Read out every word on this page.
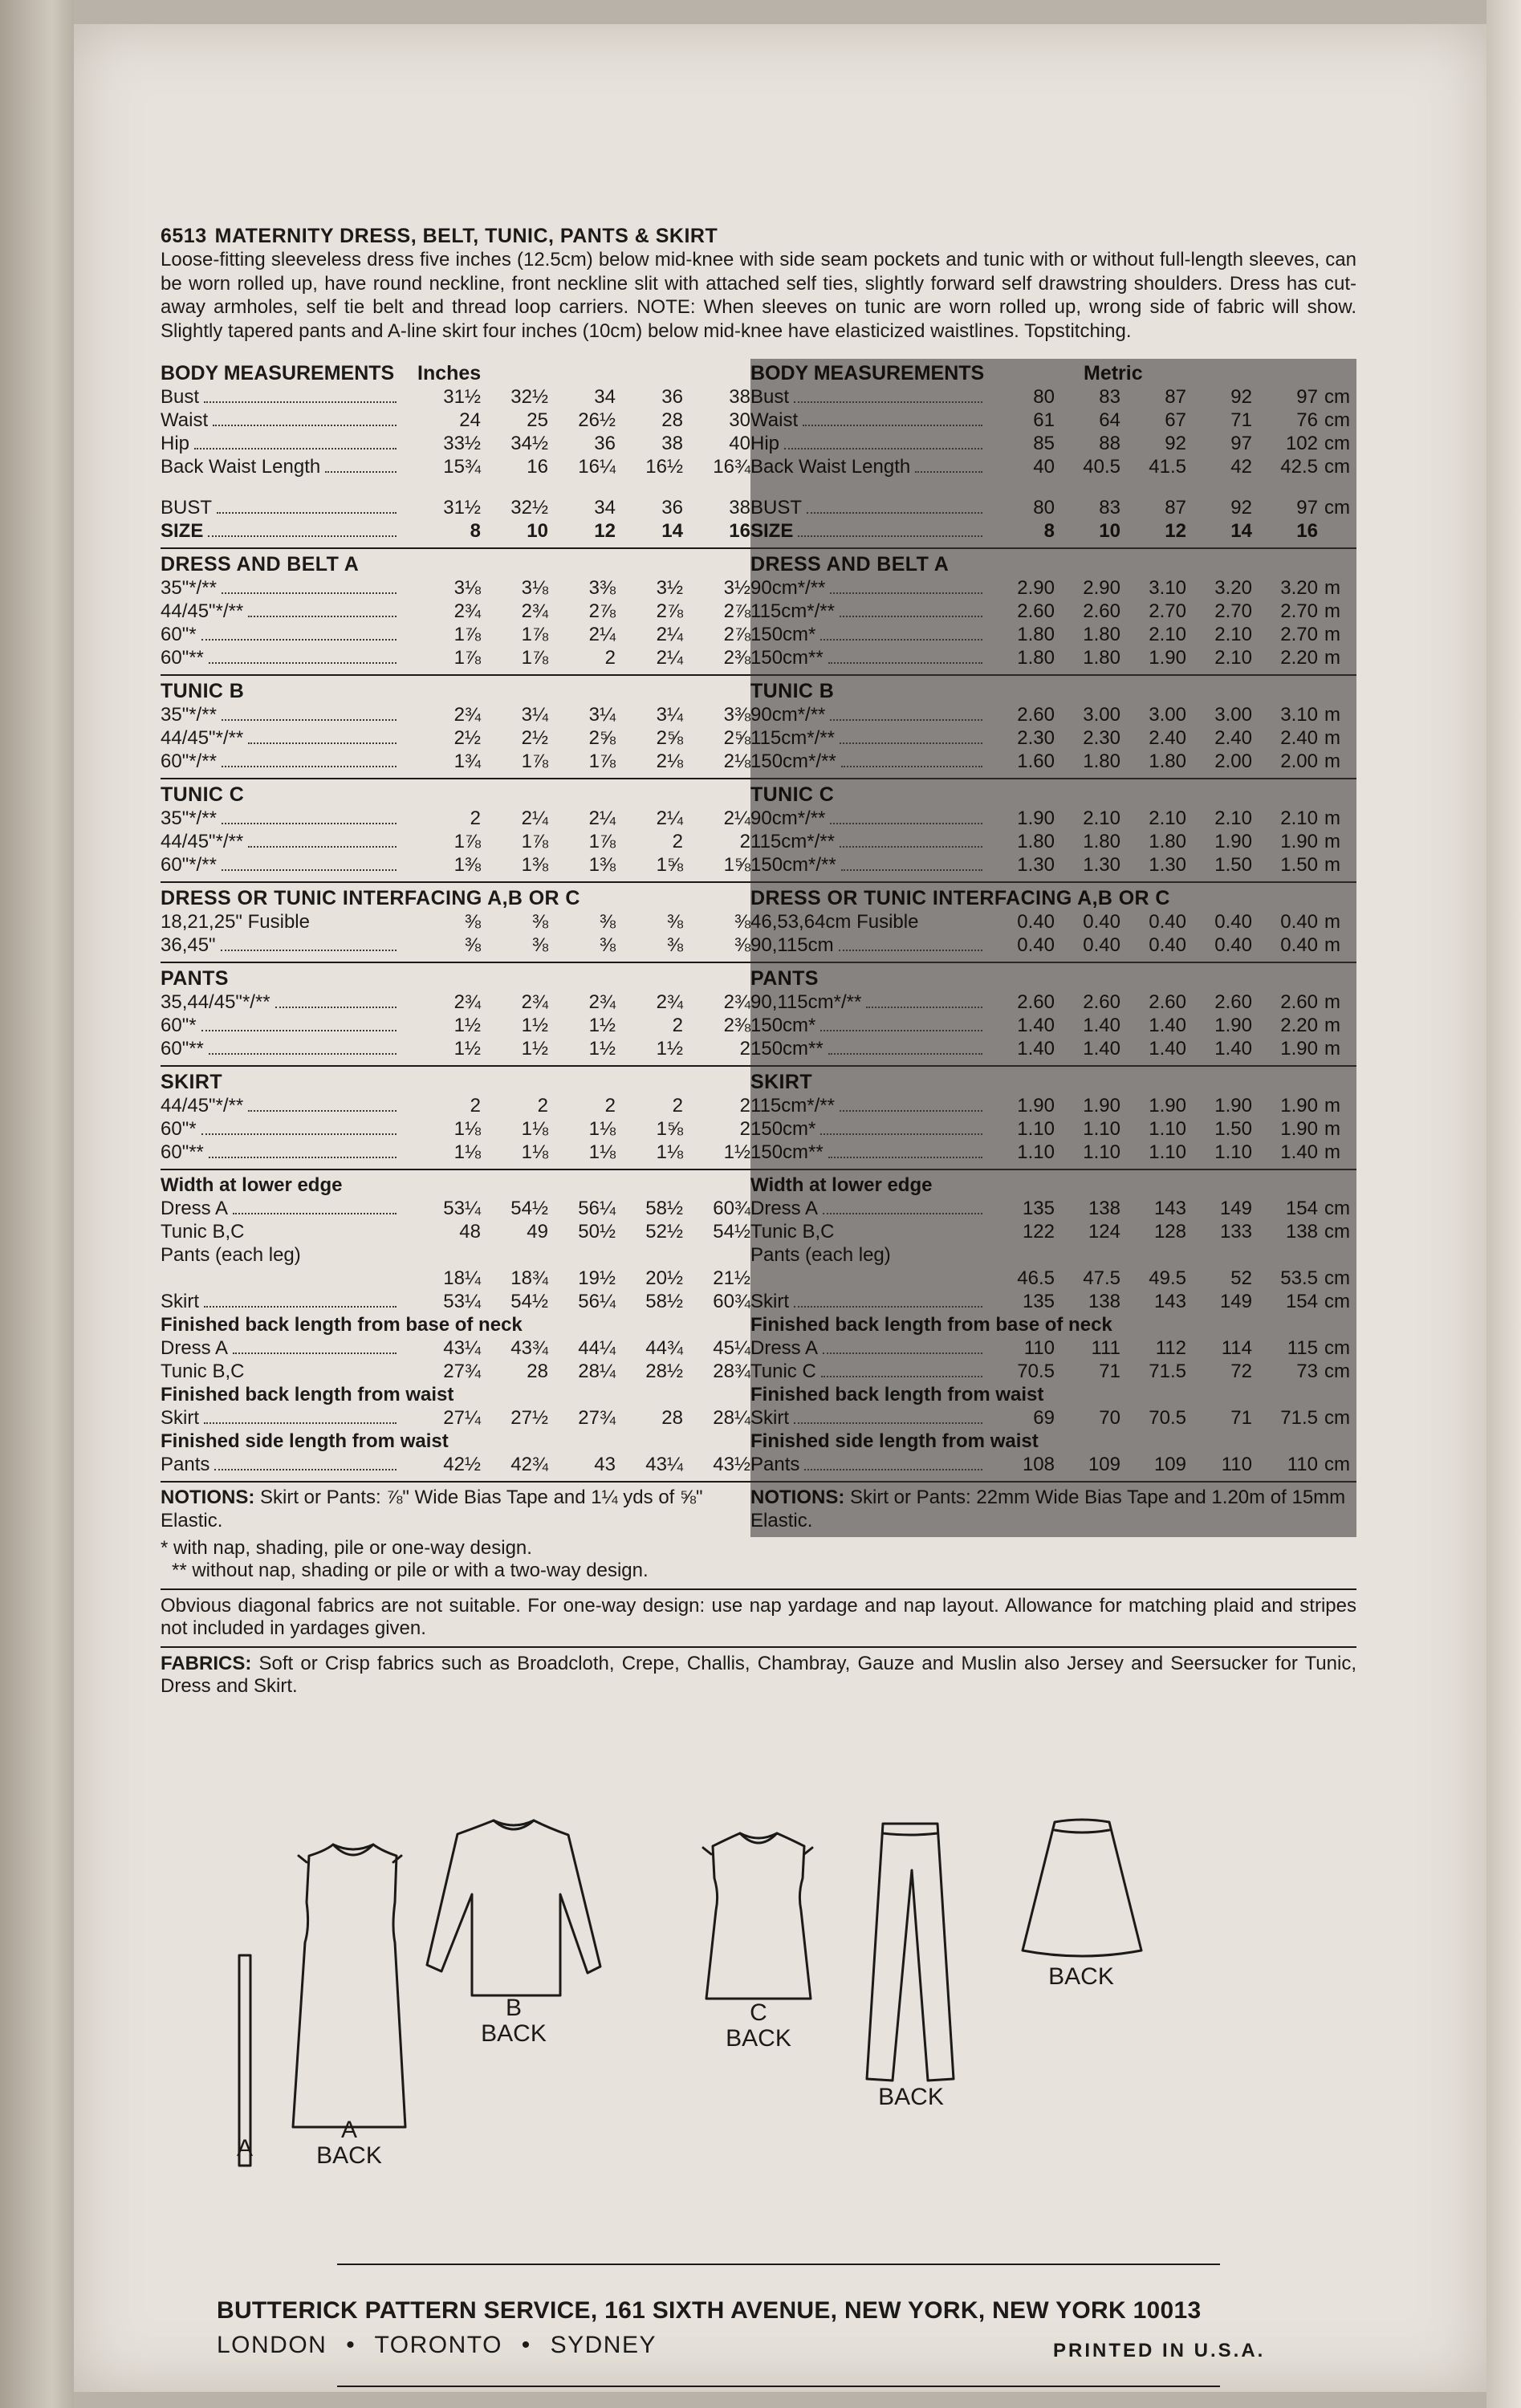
6513 MATERNITY DRESS, BELT, TUNIC, PANTS & SKIRT

Loose-fitting sleeveless dress five inches (12.5cm) below mid-knee with side seam pockets and tunic with or without full-length sleeves, can be worn rolled up, have round neckline, front neckline slit with attached self ties, slightly forward self drawstring shoulders. Dress has cut-away armholes, self tie belt and thread loop carriers. NOTE: When sleeves on tunic are worn rolled up, wrong side of fabric will show. Slightly tapered pants and A-line skirt four inches (10cm) below mid-knee have elasticized waistlines. Topstitching.

BODY MEASUREMENTS	Inches
Bust	31½	32½	34	36	38
Waist	24	25	26½	28	30
Hip	33½	34½	36	38	40
Back Waist Length	15¾	16	16¼	16½	16¾
BUST	31½	32½	34	36	38
SIZE	8	10	12	14	16
DRESS AND BELT A
35"*/**	3⅛	3⅛	3⅜	3½	3½
44/45"*/**	2¾	2¾	2⅞	2⅞	2⅞
60"*	1⅞	1⅞	2¼	2¼	2⅞
60"**	1⅞	1⅞	2	2¼	2⅜
TUNIC B
35"*/**	2¾	3¼	3¼	3¼	3⅜
44/45"*/**	2½	2½	2⅝	2⅝	2⅝
60"*/**	1¾	1⅞	1⅞	2⅛	2⅛
TUNIC C
35"*/**	2	2¼	2¼	2¼	2¼
44/45"*/**	1⅞	1⅞	1⅞	2	2
60"*/**	1⅜	1⅜	1⅜	1⅝	1⅝
DRESS OR TUNIC INTERFACING A,B OR C
18,21,25" Fusible	⅜	⅜	⅜	⅜	⅜
36,45"	⅜	⅜	⅜	⅜	⅜
PANTS
35,44/45"*/**	2¾	2¾	2¾	2¾	2¾
60"*	1½	1½	1½	2	2⅜
60"**	1½	1½	1½	1½	2
SKIRT
44/45"*/**	2	2	2	2	2
60"*	1⅛	1⅛	1⅛	1⅝	2
60"**	1⅛	1⅛	1⅛	1⅛	1½
Width at lower edge
Dress A	53¼	54½	56¼	58½	60¾
Tunic B,C	48	49	50½	52½	54½
Pants (each leg)
18¼	18¾	19½	20½	21½
Skirt	53¼	54½	56¼	58½	60¾
Finished back length from base of neck
Dress A	43¼	43¾	44¼	44¾	45¼
Tunic B,C	27¾	28	28¼	28½	28¾
Finished back length from waist
Skirt	27¼	27½	27¾	28	28¼
Finished side length from waist
Pants	42½	42¾	43	43¼	43½
NOTIONS: Skirt or Pants: ⅞" Wide Bias Tape and 1¼ yds of ⅝" Elastic.
BODY MEASUREMENTS	Metric
Bust	80	83	87	92	97 cm
Waist	61	64	67	71	76 cm
Hip	85	88	92	97	102 cm
Back Waist Length	40	40.5	41.5	42	42.5 cm
BUST	80	83	87	92	97 cm
SIZE	8	10	12	14	16
DRESS AND BELT A
90cm*/**	2.90	2.90	3.10	3.20	3.20 m
115cm*/**	2.60	2.60	2.70	2.70	2.70 m
150cm*	1.80	1.80	2.10	2.10	2.70 m
150cm**	1.80	1.80	1.90	2.10	2.20 m
TUNIC B
90cm*/**	2.60	3.00	3.00	3.00	3.10 m
115cm*/**	2.30	2.30	2.40	2.40	2.40 m
150cm*/**	1.60	1.80	1.80	2.00	2.00 m
TUNIC C
90cm*/**	1.90	2.10	2.10	2.10	2.10 m
115cm*/**	1.80	1.80	1.80	1.90	1.90 m
150cm*/**	1.30	1.30	1.30	1.50	1.50 m
DRESS OR TUNIC INTERFACING A,B OR C
46,53,64cm Fusible	0.40	0.40	0.40	0.40	0.40 m
90,115cm	0.40	0.40	0.40	0.40	0.40 m
PANTS
90,115cm*/**	2.60	2.60	2.60	2.60	2.60 m
150cm*	1.40	1.40	1.40	1.90	2.20 m
150cm**	1.40	1.40	1.40	1.40	1.90 m
SKIRT
115cm*/**	1.90	1.90	1.90	1.90	1.90 m
150cm*	1.10	1.10	1.10	1.50	1.90 m
150cm**	1.10	1.10	1.10	1.10	1.40 m
Width at lower edge
Dress A	135	138	143	149	154 cm
Tunic B,C	122	124	128	133	138 cm
Pants (each leg)
46.5	47.5	49.5	52	53.5 cm
Skirt	135	138	143	149	154 cm
Finished back length from base of neck
Dress A	110	111	112	114	115 cm
Tunic C	70.5	71	71.5	72	73 cm
Finished back length from waist
Skirt	69	70	70.5	71	71.5 cm
Finished side length from waist
Pants	108	109	109	110	110 cm
NOTIONS: Skirt or Pants: 22mm Wide Bias Tape and 1.20m of 15mm Elastic.
* with nap, shading, pile or one-way design.
** without nap, shading or pile or with a two-way design.
Obvious diagonal fabrics are not suitable. For one-way design: use nap yardage and nap layout. Allowance for matching plaid and stripes not included in yardages given.
FABRICS: Soft or Crisp fabrics such as Broadcloth, Crepe, Challis, Chambray, Gauze and Muslin also Jersey and Seersucker for Tunic, Dress and Skirt.
A
A
BACK
B
BACK
C
BACK
BACK
BACK
BUTTERICK PATTERN SERVICE, 161 SIXTH AVENUE, NEW YORK, NEW YORK 10013
LONDON • TORONTO • SYDNEY	PRINTED IN U.S.A.
